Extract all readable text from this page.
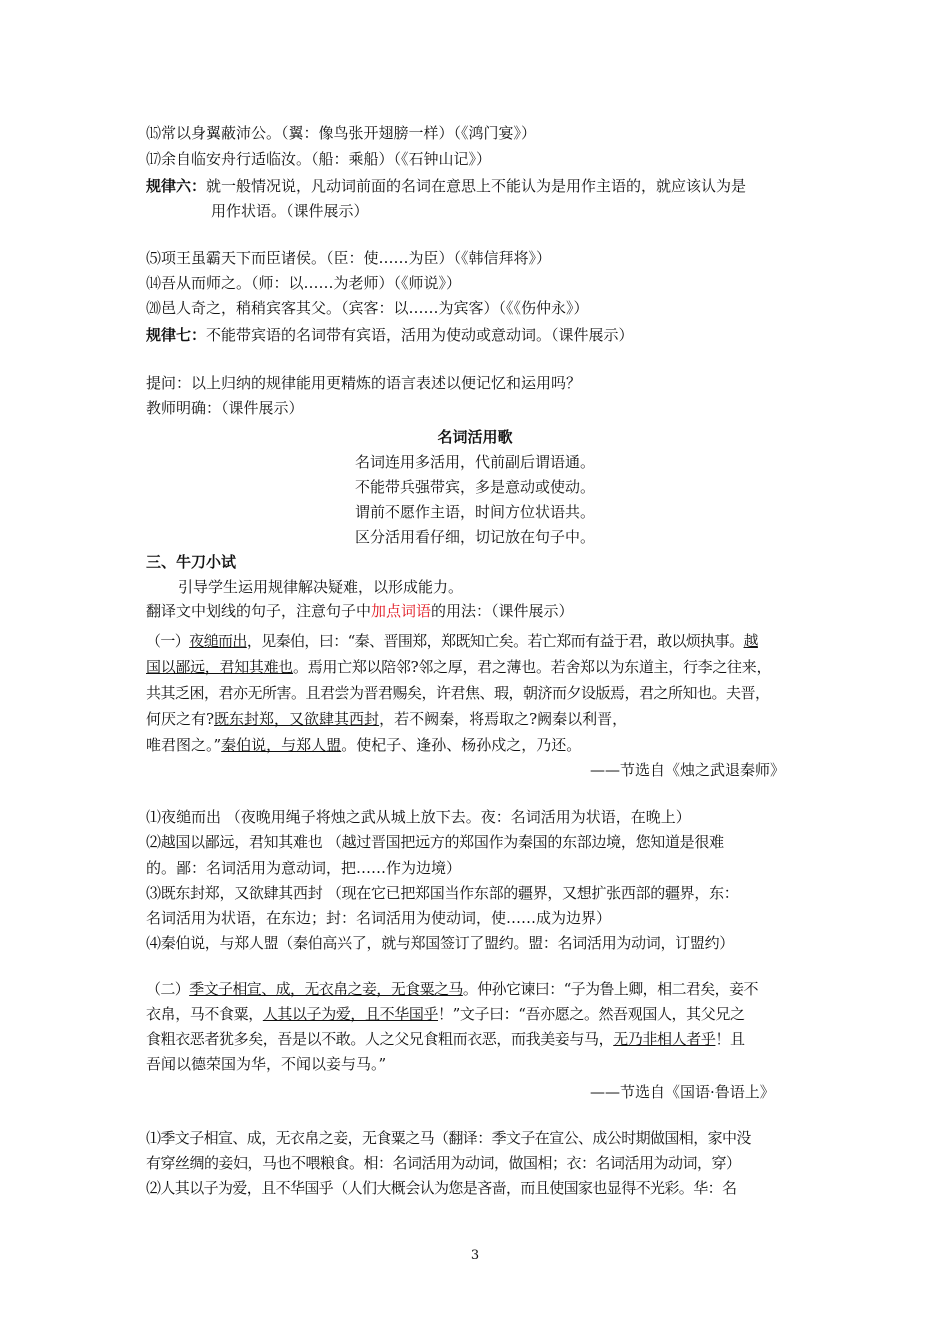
⒂常以身翼蔽沛公。（翼：像鸟张开翅膀一样）（《鸿门宴》）
⒄余自临安舟行适临汝。（船：乘船）（《石钟山记》）
规律六：就一般情况说，凡动词前面的名词在意思上不能认为是用作主语的，就应该认为是
用作状语。（课件展示）
⑸项王虽霸天下而臣诸侯。（臣：使……为臣）（《韩信拜将》）
⒁吾从而师之。（师：以……为老师）（《师说》）
⒇邑人奇之，稍稍宾客其父。（宾客：以……为宾客）（《《伤仲永》）
规律七：不能带宾语的名词带有宾语，活用为使动或意动词。（课件展示）
提问：以上归纳的规律能用更精炼的语言表述以便记忆和运用吗？
教师明确：（课件展示）
名词活用歌
名词连用多活用，代前副后谓语通。
不能带兵强带宾，多是意动或使动。
谓前不愿作主语，时间方位状语共。
区分活用看仔细，切记放在句子中。
三、牛刀小试
引导学生运用规律解决疑难，以形成能力。
翻译文中划线的句子，注意句子中加点词语的用法：（课件展示）
（一）夜缒而出，见秦伯，曰：“秦、晋围郑，郑既知亡矣。若亡郑而有益于君，敢以烦执事。越
国以鄙远，君知其难也。焉用亡郑以陪邻?邻之厚，君之薄也。若舍郑以为东道主，行李之往来，
共其乏困，君亦无所害。且君尝为晋君赐矣，许君焦、瑕，朝济而夕设版焉，君之所知也。夫晋，
何厌之有?既东封郑，又欲肆其西封，若不阙秦，将焉取之?阙秦以利晋，
唯君图之。”秦伯说，与郑人盟。使杞子、逢孙、杨孙戍之，乃还。
——节选自《烛之武退秦师》
⑴夜缒而出 （夜晚用绳子将烛之武从城上放下去。夜：名词活用为状语，在晚上）
⑵越国以鄙远，君知其难也 （越过晋国把远方的郑国作为秦国的东部边境，您知道是很难
的。鄙：名词活用为意动词，把……作为边境）
⑶既东封郑，又欲肆其西封 （现在它已把郑国当作东部的疆界，又想扩张西部的疆界，东：
名词活用为状语，在东边；封：名词活用为使动词，使……成为边界）
⑷秦伯说，与郑人盟（秦伯高兴了，就与郑国签订了盟约。盟：名词活用为动词，订盟约）
（二）季文子相宣、成，无衣帛之妾，无食粟之马。仲孙它谏曰：“子为鲁上卿，相二君矣，妾不
衣帛，马不食粟，人其以子为爱，且不华国乎！”文子曰：“吾亦愿之。然吾观国人，其父兄之
食粗衣恶者犹多矣，吾是以不敢。人之父兄食粗而衣恶，而我美妾与马，无乃非相人者乎！且
吾闻以德荣国为华，不闻以妾与马。”
——节选自《国语·鲁语上》
⑴季文子相宣、成，无衣帛之妾，无食粟之马（翻译：季文子在宣公、成公时期做国相，家中没
有穿丝绸的妾妇，马也不喂粮食。相：名词活用为动词，做国相；衣：名词活用为动词，穿）
⑵人其以子为爱，且不华国乎（人们大概会认为您是吝啬，而且使国家也显得不光彩。华：名
3
